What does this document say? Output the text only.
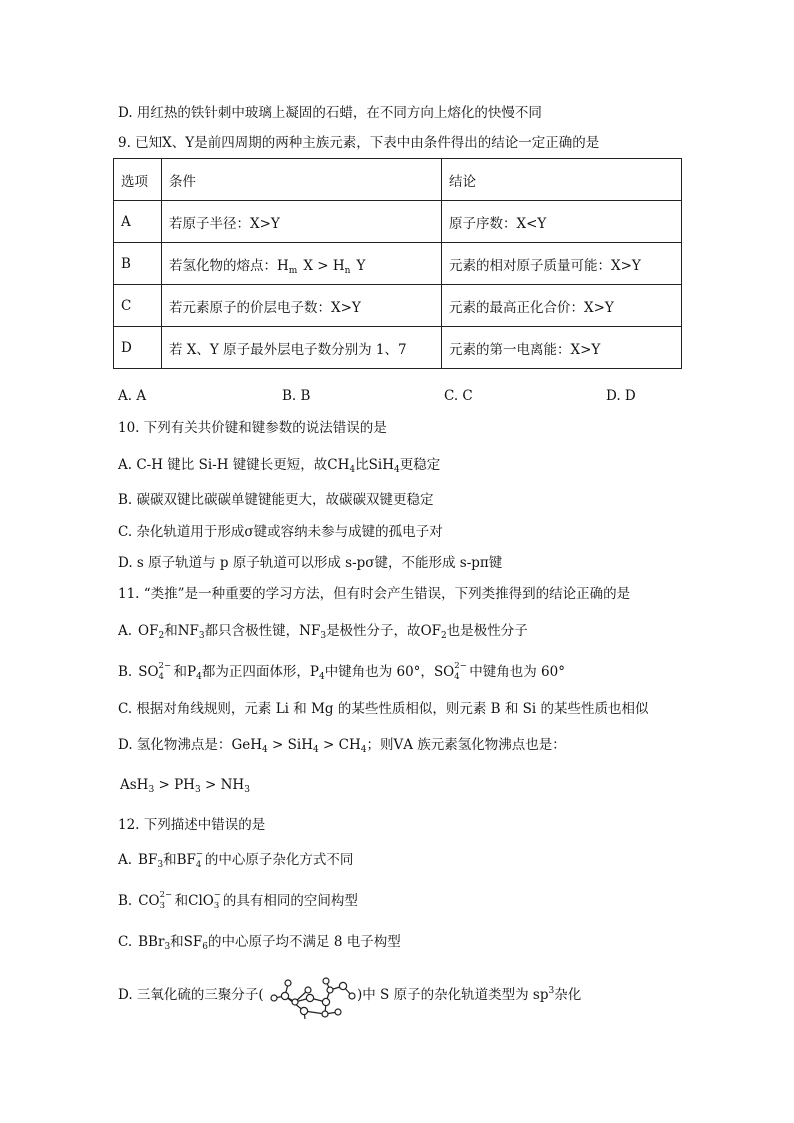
D. 用红热的铁针刺中玻璃上凝固的石蜡，在不同方向上熔化的快慢不同
9. 已知X、Y是前四周期的两种主族元素，下表中由条件得出的结论一定正确的是
选项	条件	结论
A	若原子半径：X>Y	原子序数：X<Y
B	若氢化物的熔点：$H_m$ $X > H_n$ Y	元素的相对原子质量可能：X>Y
C	若元素原子的价层电子数：X>Y	元素的最高正化合价：X>Y
D	若 X、Y 原子最外层电子数分别为 1、7	元素的第一电离能：X>Y
A. A	B. B	C. C	D. D
10. 下列有关共价键和键参数的说法错误的是
A. C-H 键比 Si-H 键键长更短，故$CH_4$比SiH$_4$更稳定
B. 碳碳双键比碳碳单键键能更大，故碳碳双键更稳定
C. 杂化轨道用于形成σ键或容纳未参与成键的孤电子对
D. s 原子轨道与 p 原子轨道可以形成 s-pσ键，不能形成 s-pπ键
11. “类推”是一种重要的学习方法，但有时会产生错误，下列类推得到的结论正确的是
A. $OF_2$和$NF_3$都只含极性键，$NF_3$是极性分子，故$OF_2$也是极性分子
B. SO 2−
4 和$P_4$都为正四面体形，$P_4$中键角也为 60°，SO 2−
4 中键角也为 60°
C. 根据对角线规则，元素 Li 和 Mg 的某些性质相似，则元素 B 和 Si 的某些性质也相似
D. 氢化物沸点是：$GeH_4 > SiH_4 > CH_4$；则ⅤA 族元素氢化物沸点也是：
$AsH_3 > PH_3 > NH_3$
12. 下列描述中错误的是
A. $BF_3$和BF −
4 的中心原子杂化方式不同
B. CO 2−
3 和ClO −
3 的具有相同的空间构型
C. BBr$_3$和$SF_6$的中心原子均不满足 8 电子构型
D. 三氧化硫的三聚分子(	)中 S 原子的杂化轨道类型为 $sp^3$杂化
